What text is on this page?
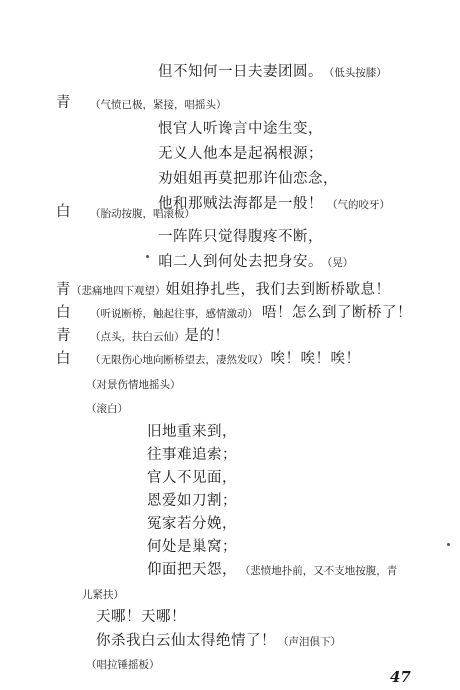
但不知何一日夫妻团圆。 （低头按膝）
青 （气愤已极，紧接，唱摇头）
恨官人听谗言中途生变，
无义人他本是起祸根源；
劝姐姐再莫把那许仙恋念，
他和那贼法海都是一般！ （气的咬牙）
白 （胎动按腹，唱滚板）
一阵阵只觉得腹疼不断，
咱二人到何处去把身安。 （晃）
青（悲痛地四下观望）姐姐挣扎些，我们去到断桥歇息！
白 （听说断桥，触起往事，感情激动） 唔！怎么到了断桥了！
青 （点头，扶白云仙）是的！
白 （无限伤心地向断桥望去，凄然发叹） 唉！唉！唉！
（对景伤情地摇头）
（滚白）
旧地重来到，
往事难追索；
官人不见面，
恩爱如刀割；
冤家若分娩，
何处是巢窝；
仰面把天怨， （悲愤地扑前，又不支地按腹，青
儿紧扶）
天哪！天哪！
你杀我白云仙太得绝情了！ （声泪俱下）
（唱拉锤摇板）
47
